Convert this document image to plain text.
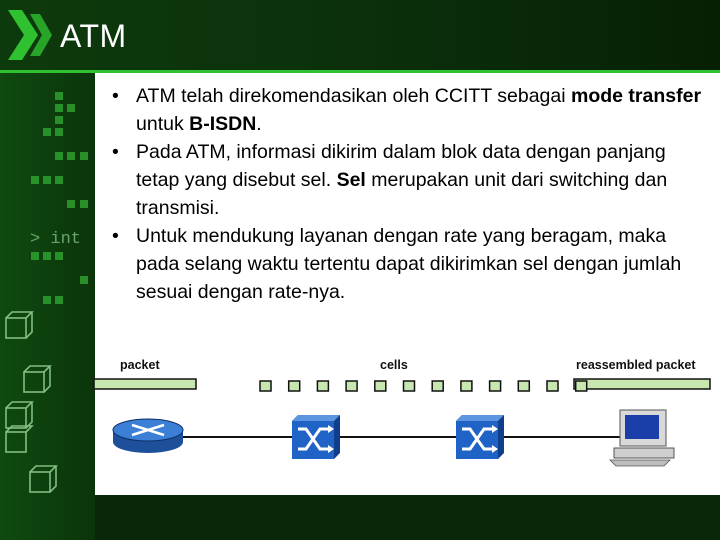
ATM
> int
• ATM telah direkomendasikan oleh CCITT sebagai mode transfer untuk B-ISDN.
• Pada ATM, informasi dikirim dalam blok data dengan panjang tetap yang disebut sel. Sel merupakan unit dari switching dan transmisi.
• Untuk mendukung layanan dengan rate yang beragam, maka pada selang waktu tertentu dapat dikirimkan sel dengan jumlah sesuai dengan rate-nya.
packet	cells	reassembled packet
